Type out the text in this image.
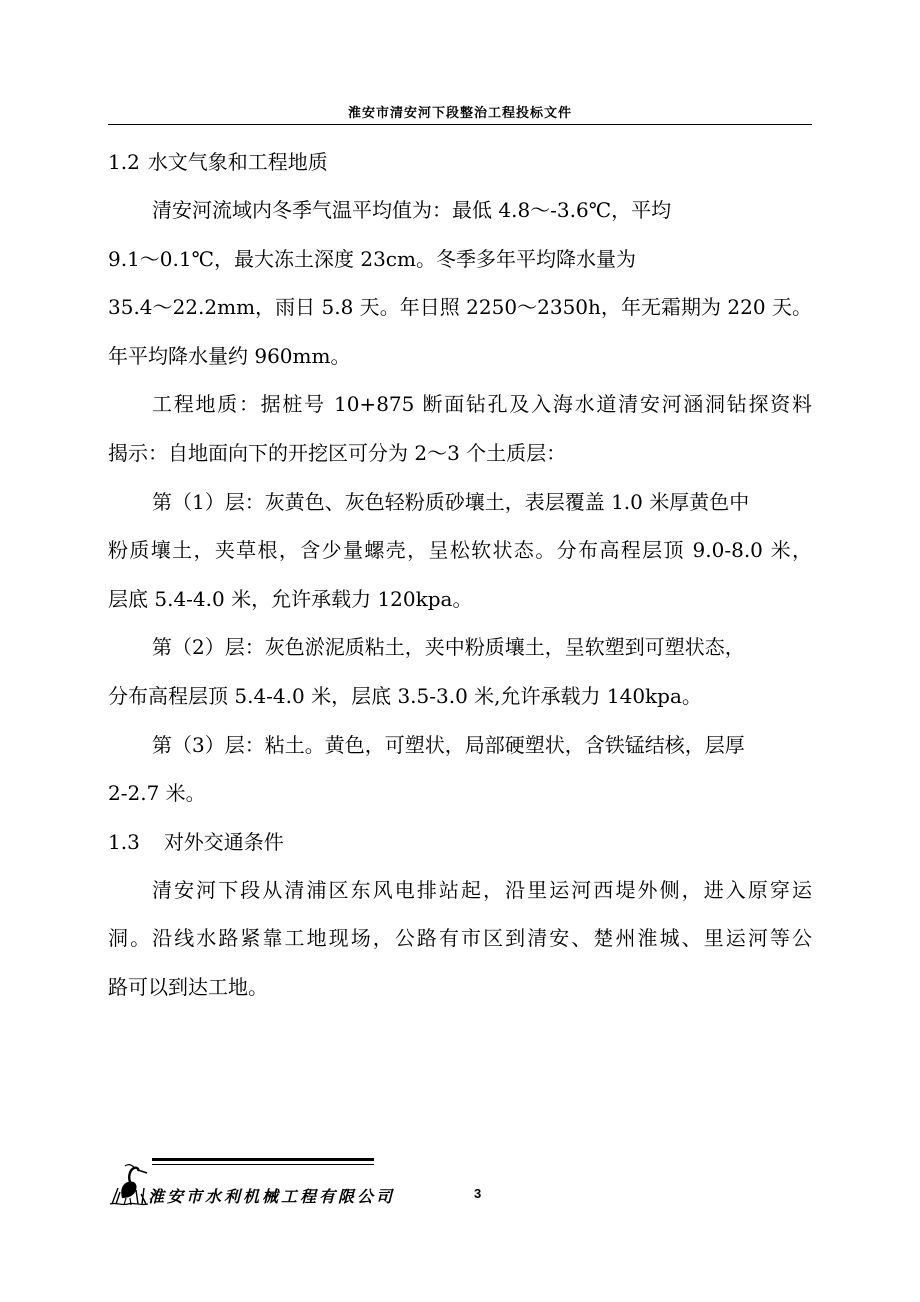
淮安市清安河下段整治工程投标文件

1.2 水文气象和工程地质

清安河流域内冬季气温平均值为：最低 4.8～-3.6℃，平均

9.1～0.1℃，最大冻土深度 23cm。冬季多年平均降水量为

35.4～22.2mm，雨日 5.8 天。年日照 2250～2350h，年无霜期为 220 天。

年平均降水量约 960mm。

工程地质：据桩号 10+875 断面钻孔及入海水道清安河涵洞钻探资料

揭示：自地面向下的开挖区可分为 2～3 个土质层：

第（1）层：灰黄色、灰色轻粉质砂壤土，表层覆盖 1.0 米厚黄色中

粉质壤土，夹草根，含少量螺壳，呈松软状态。分布高程层顶 9.0-8.0 米，

层底 5.4-4.0 米，允许承载力 120kpa。

第（2）层：灰色淤泥质粘土，夹中粉质壤土，呈软塑到可塑状态，

分布高程层顶 5.4-4.0 米，层底 3.5-3.0 米,允许承载力 140kpa。

第（3）层：粘土。黄色，可塑状，局部硬塑状，含铁锰结核，层厚

2-2.7 米。

1.3 对外交通条件

清安河下段从清浦区东风电排站起，沿里运河西堤外侧，进入原穿运

洞。沿线水路紧靠工地现场，公路有市区到清安、楚州淮城、里运河等公

路可以到达工地。

淮安市水利机械工程有限公司	3
